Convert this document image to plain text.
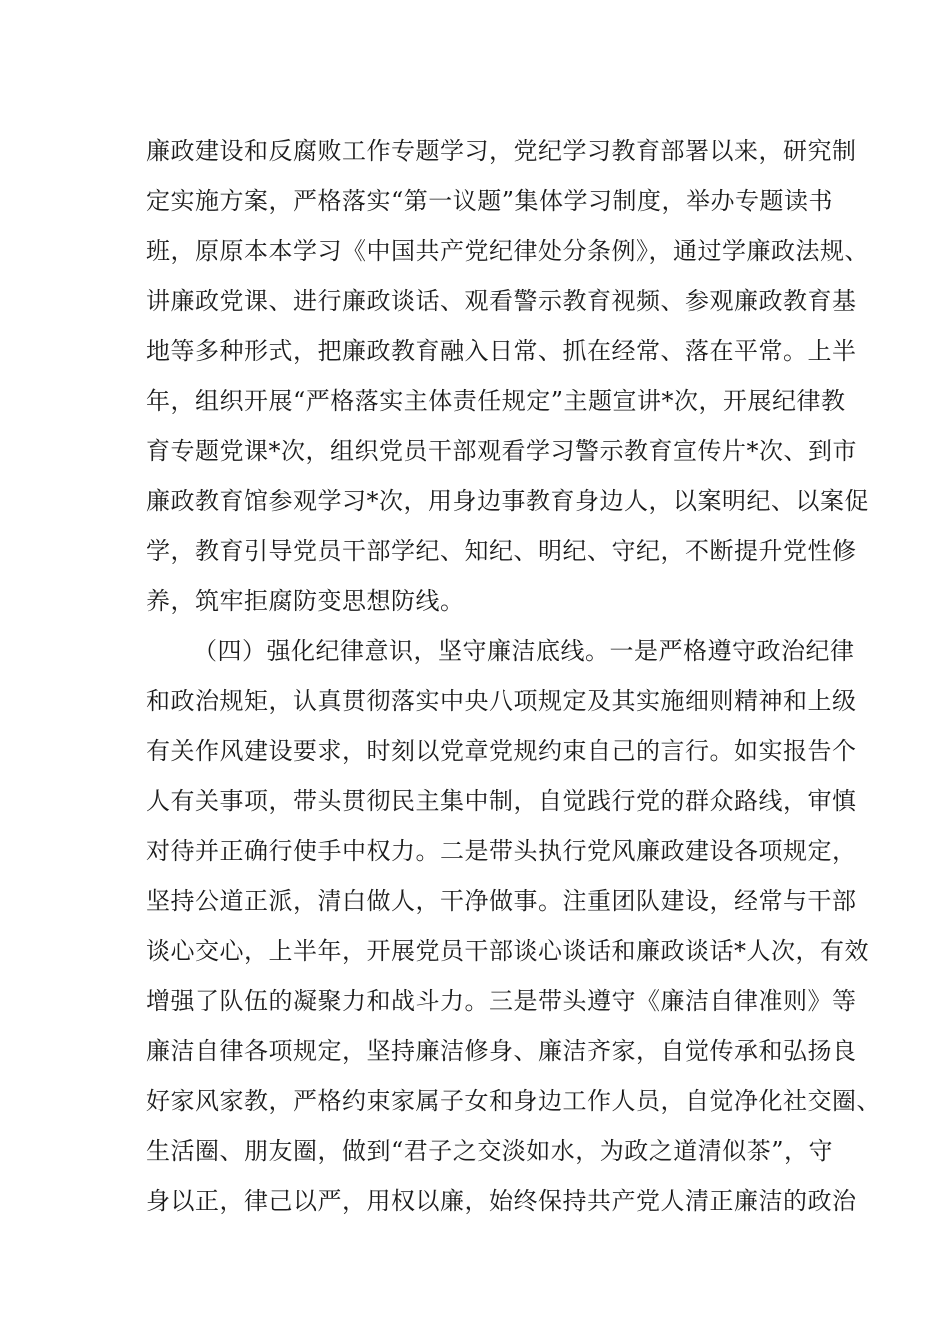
廉政建设和反腐败工作专题学习，党纪学习教育部署以来，研究制
定实施方案，严格落实“第一议题”集体学习制度，举办专题读书
班，原原本本学习《中国共产党纪律处分条例》，通过学廉政法规、
讲廉政党课、进行廉政谈话、观看警示教育视频、参观廉政教育基
地等多种形式，把廉政教育融入日常、抓在经常、落在平常。上半
年，组织开展“严格落实主体责任规定”主题宣讲*次，开展纪律教
育专题党课*次，组织党员干部观看学习警示教育宣传片*次、到市
廉政教育馆参观学习*次，用身边事教育身边人，以案明纪、以案促
学，教育引导党员干部学纪、知纪、明纪、守纪，不断提升党性修
养，筑牢拒腐防变思想防线。
（四）强化纪律意识，坚守廉洁底线。一是严格遵守政治纪律
和政治规矩，认真贯彻落实中央八项规定及其实施细则精神和上级
有关作风建设要求，时刻以党章党规约束自己的言行。如实报告个
人有关事项，带头贯彻民主集中制，自觉践行党的群众路线，审慎
对待并正确行使手中权力。二是带头执行党风廉政建设各项规定，
坚持公道正派，清白做人，干净做事。注重团队建设，经常与干部
谈心交心，上半年，开展党员干部谈心谈话和廉政谈话*人次，有效
增强了队伍的凝聚力和战斗力。三是带头遵守《廉洁自律准则》等
廉洁自律各项规定，坚持廉洁修身、廉洁齐家，自觉传承和弘扬良
好家风家教，严格约束家属子女和身边工作人员，自觉净化社交圈、
生活圈、朋友圈，做到“君子之交淡如水，为政之道清似茶”，守
身以正，律己以严，用权以廉，始终保持共产党人清正廉洁的政治
